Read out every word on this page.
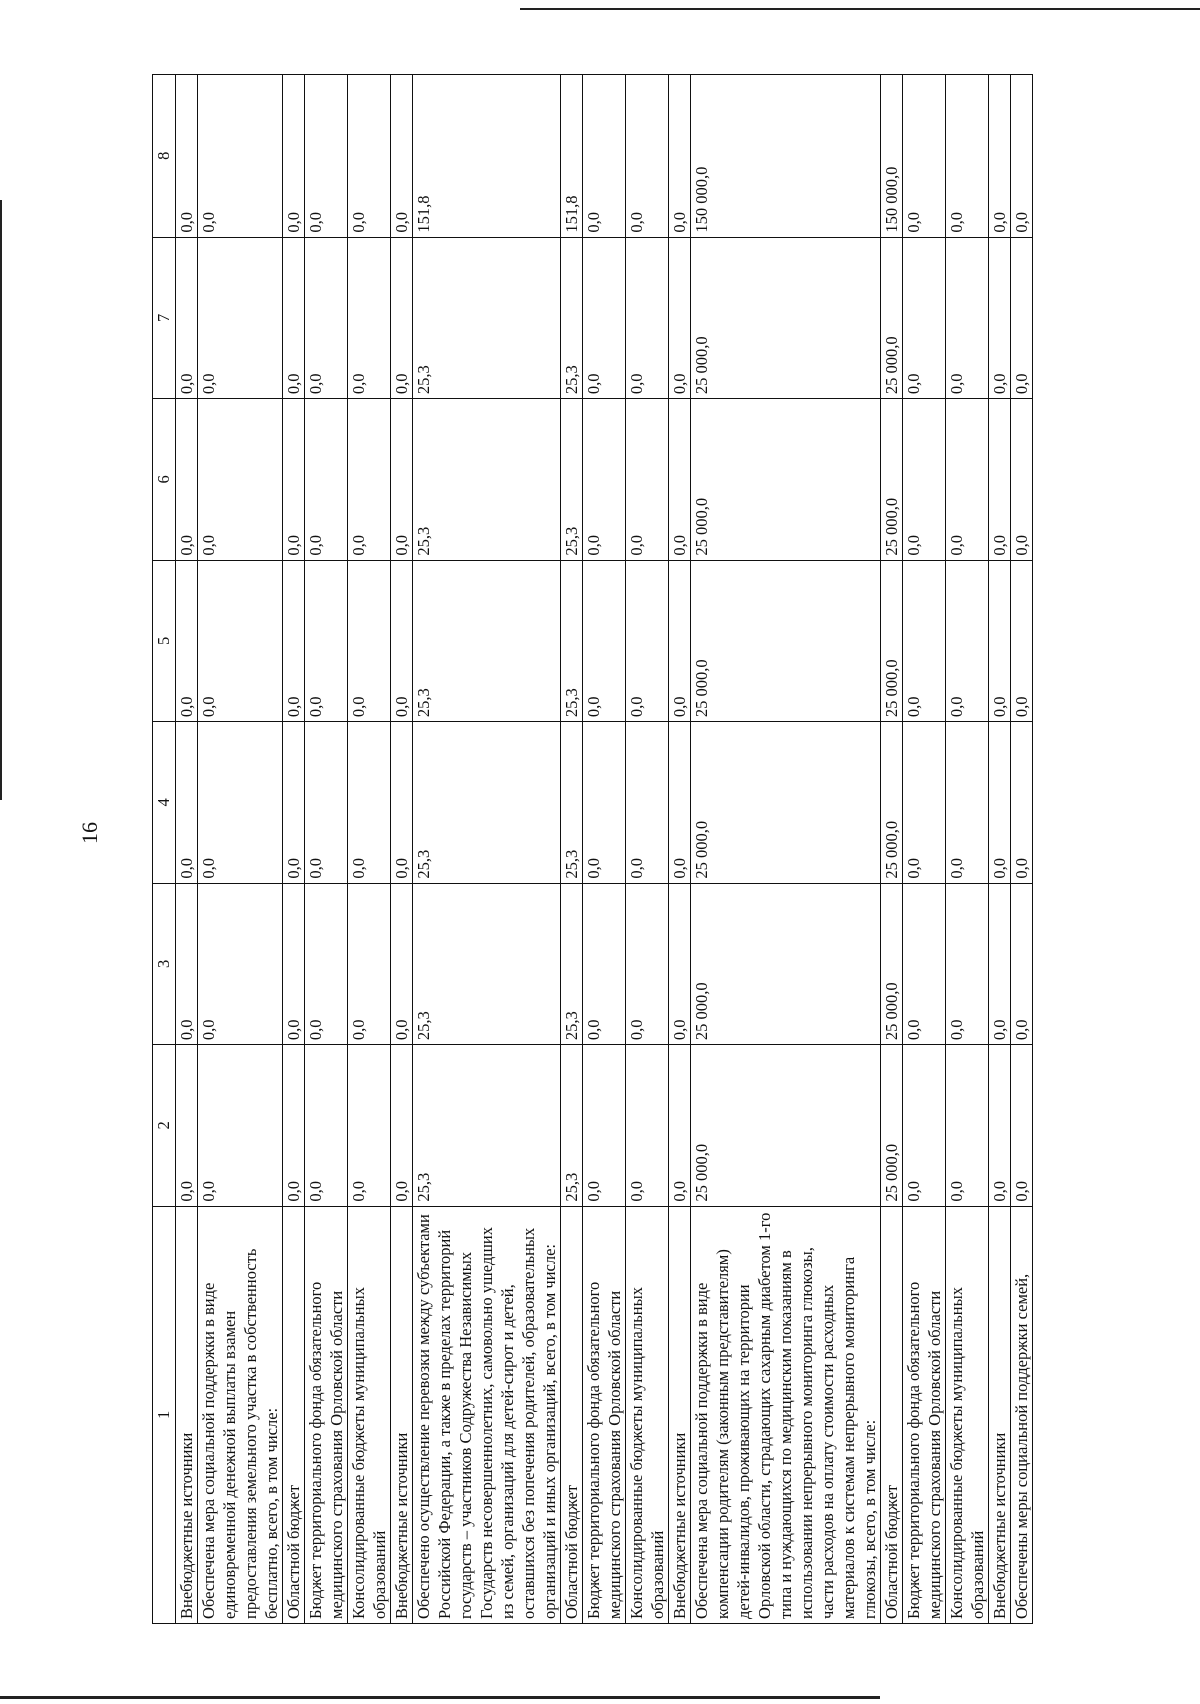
16
1	2	3	4	5	6	7	8
Внебюджетные источники	0,0	0,0	0,0	0,0	0,0	0,0	0,0
Обеспечена мера социальной поддержки в виде единовременной денежной выплаты взамен предоставления земельного участка в собственность бесплатно, всего, в том числе:	0,0	0,0	0,0	0,0	0,0	0,0	0,0
Областной бюджет	0,0	0,0	0,0	0,0	0,0	0,0	0,0
Бюджет территориального фонда обязательного медицинского страхования Орловской области	0,0	0,0	0,0	0,0	0,0	0,0	0,0
Консолидированные бюджеты муниципальных образований	0,0	0,0	0,0	0,0	0,0	0,0	0,0
Внебюджетные источники	0,0	0,0	0,0	0,0	0,0	0,0	0,0
Обеспечено осуществление перевозки между субъектами Российской Федерации, а также в пределах территорий государств – участников Содружества Независимых Государств несовершеннолетних, самовольно ушедших из семей, организаций для детей-сирот и детей, оставшихся без попечения родителей, образовательных организаций и иных организаций, всего, в том числе:	25,3	25,3	25,3	25,3	25,3	25,3	151,8
Областной бюджет	25,3	25,3	25,3	25,3	25,3	25,3	151,8
Бюджет территориального фонда обязательного медицинского страхования Орловской области	0,0	0,0	0,0	0,0	0,0	0,0	0,0
Консолидированные бюджеты муниципальных образований	0,0	0,0	0,0	0,0	0,0	0,0	0,0
Внебюджетные источники	0,0	0,0	0,0	0,0	0,0	0,0	0,0
Обеспечена мера социальной поддержки в виде компенсации родителям (законным представителям) детей-инвалидов, проживающих на территории Орловской области, страдающих сахарным диабетом 1-го типа и нуждающихся по медицинским показаниям в использовании непрерывного мониторинга глюкозы, части расходов на оплату стоимости расходных материалов к системам непрерывного мониторинга глюкозы, всего, в том числе:	25 000,0	25 000,0	25 000,0	25 000,0	25 000,0	25 000,0	150 000,0
Областной бюджет	25 000,0	25 000,0	25 000,0	25 000,0	25 000,0	25 000,0	150 000,0
Бюджет территориального фонда обязательного медицинского страхования Орловской области	0,0	0,0	0,0	0,0	0,0	0,0	0,0
Консолидированные бюджеты муниципальных образований	0,0	0,0	0,0	0,0	0,0	0,0	0,0
Внебюджетные источники	0,0	0,0	0,0	0,0	0,0	0,0	0,0
Обеспечены меры социальной поддержки семей,	0,0	0,0	0,0	0,0	0,0	0,0	0,0
